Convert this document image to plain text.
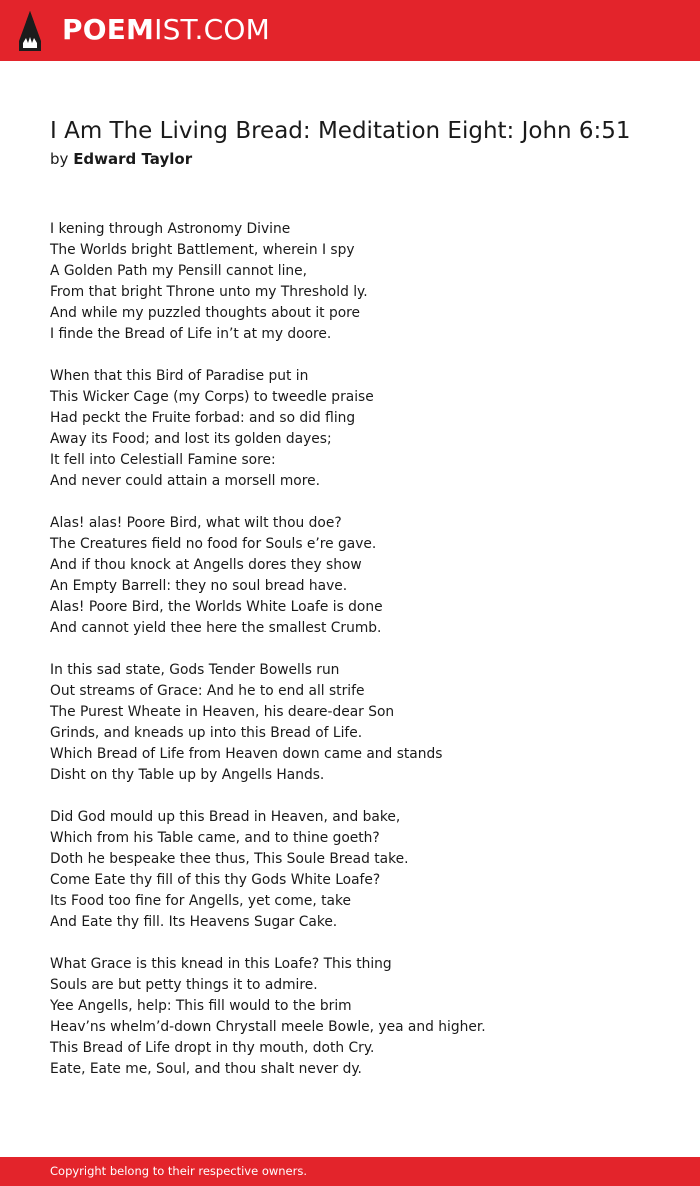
POEMIST.COM
I Am The Living Bread: Meditation Eight: John 6:51
by Edward Taylor
I kening through Astronomy Divine
The Worlds bright Battlement, wherein I spy
A Golden Path my Pensill cannot line,
From that bright Throne unto my Threshold ly.
And while my puzzled thoughts about it pore
I finde the Bread of Life in’t at my doore.
When that this Bird of Paradise put in
This Wicker Cage (my Corps) to tweedle praise
Had peckt the Fruite forbad: and so did fling
Away its Food; and lost its golden dayes;
It fell into Celestiall Famine sore:
And never could attain a morsell more.
Alas! alas! Poore Bird, what wilt thou doe?
The Creatures field no food for Souls e’re gave.
And if thou knock at Angells dores they show
An Empty Barrell: they no soul bread have.
Alas! Poore Bird, the Worlds White Loafe is done
And cannot yield thee here the smallest Crumb.
In this sad state, Gods Tender Bowells run
Out streams of Grace: And he to end all strife
The Purest Wheate in Heaven, his deare-dear Son
Grinds, and kneads up into this Bread of Life.
Which Bread of Life from Heaven down came and stands
Disht on thy Table up by Angells Hands.
Did God mould up this Bread in Heaven, and bake,
Which from his Table came, and to thine goeth?
Doth he bespeake thee thus, This Soule Bread take.
Come Eate thy fill of this thy Gods White Loafe?
Its Food too fine for Angells, yet come, take
And Eate thy fill. Its Heavens Sugar Cake.
What Grace is this knead in this Loafe? This thing
Souls are but petty things it to admire.
Yee Angells, help: This fill would to the brim
Heav’ns whelm’d-down Chrystall meele Bowle, yea and higher.
This Bread of Life dropt in thy mouth, doth Cry.
Eate, Eate me, Soul, and thou shalt never dy.
Copyright belong to their respective owners.
